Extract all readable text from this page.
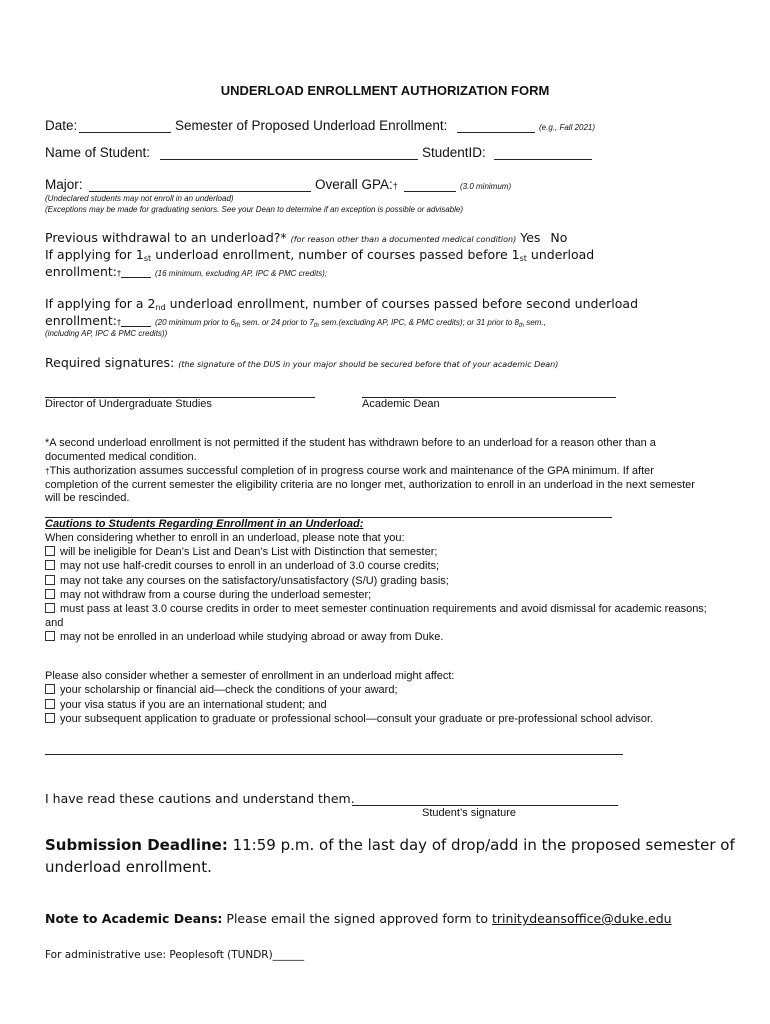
UNDERLOAD ENROLLMENT AUTHORIZATION FORM
Date:	Semester of Proposed Underload Enrollment:	(e.g., Fall 2021)
Name of Student:	StudentID:
Major:	Overall GPA:†	(3.0 minimum)
(Undeclared students may not enroll in an underload)
(Exceptions may be made for graduating seniors. See your Dean to determine if an exception is possible or advisable)
Previous withdrawal to an underload?* (for reason other than a documented medical condition) Yes No
If applying for $1_{st}$ underload enrollment, number of courses passed before $1_{st}$ underload
enrollment:†	(16 minimum, excluding AP, IPC & PMC credits);
If applying for a $2_{nd}$ underload enrollment, number of courses passed before second underload
enrollment:†	(20 minimum prior to $6_{th}$ sem. or 24 prior to $7_{th}$ sem.(excluding AP, IPC, & PMC credits); or 31 prior to $8_{th}$ sem.,
(including AP, IPC & PMC credits))
Required signatures: (the signature of the DUS in your major should be secured before that of your academic Dean)
Director of Undergraduate Studies	Academic Dean
*A second underload enrollment is not permitted if the student has withdrawn before to an underload for a reason other than a
documented medical condition.
†This authorization assumes successful completion of in progress course work and maintenance of the GPA minimum. If after
completion of the current semester the eligibility criteria are no longer met, authorization to enroll in an underload in the next semester
will be rescinded.
Cautions to Students Regarding Enrollment in an Underload:
When considering whether to enroll in an underload, please note that you:
will be ineligible for Dean’s List and Dean’s List with Distinction that semester;
may not use half-credit courses to enroll in an underload of 3.0 course credits;
may not take any courses on the satisfactory/unsatisfactory (S/U) grading basis;
may not withdraw from a course during the underload semester;
must pass at least 3.0 course credits in order to meet semester continuation requirements and avoid dismissal for academic reasons;
and
may not be enrolled in an underload while studying abroad or away from Duke.
Please also consider whether a semester of enrollment in an underload might affect:
your scholarship or financial aid—check the conditions of your award;
your visa status if you are an international student; and
your subsequent application to graduate or professional school—consult your graduate or pre-professional school advisor.
I have read these cautions and understand them.
Student’s signature
Submission Deadline: 11:59 p.m. of the last day of drop/add in the proposed semester of
underload enrollment.
Note to Academic Deans: Please email the signed approved form to trinitydeansoffice@duke.edu
For administrative use: Peoplesoft (TUNDR)______
